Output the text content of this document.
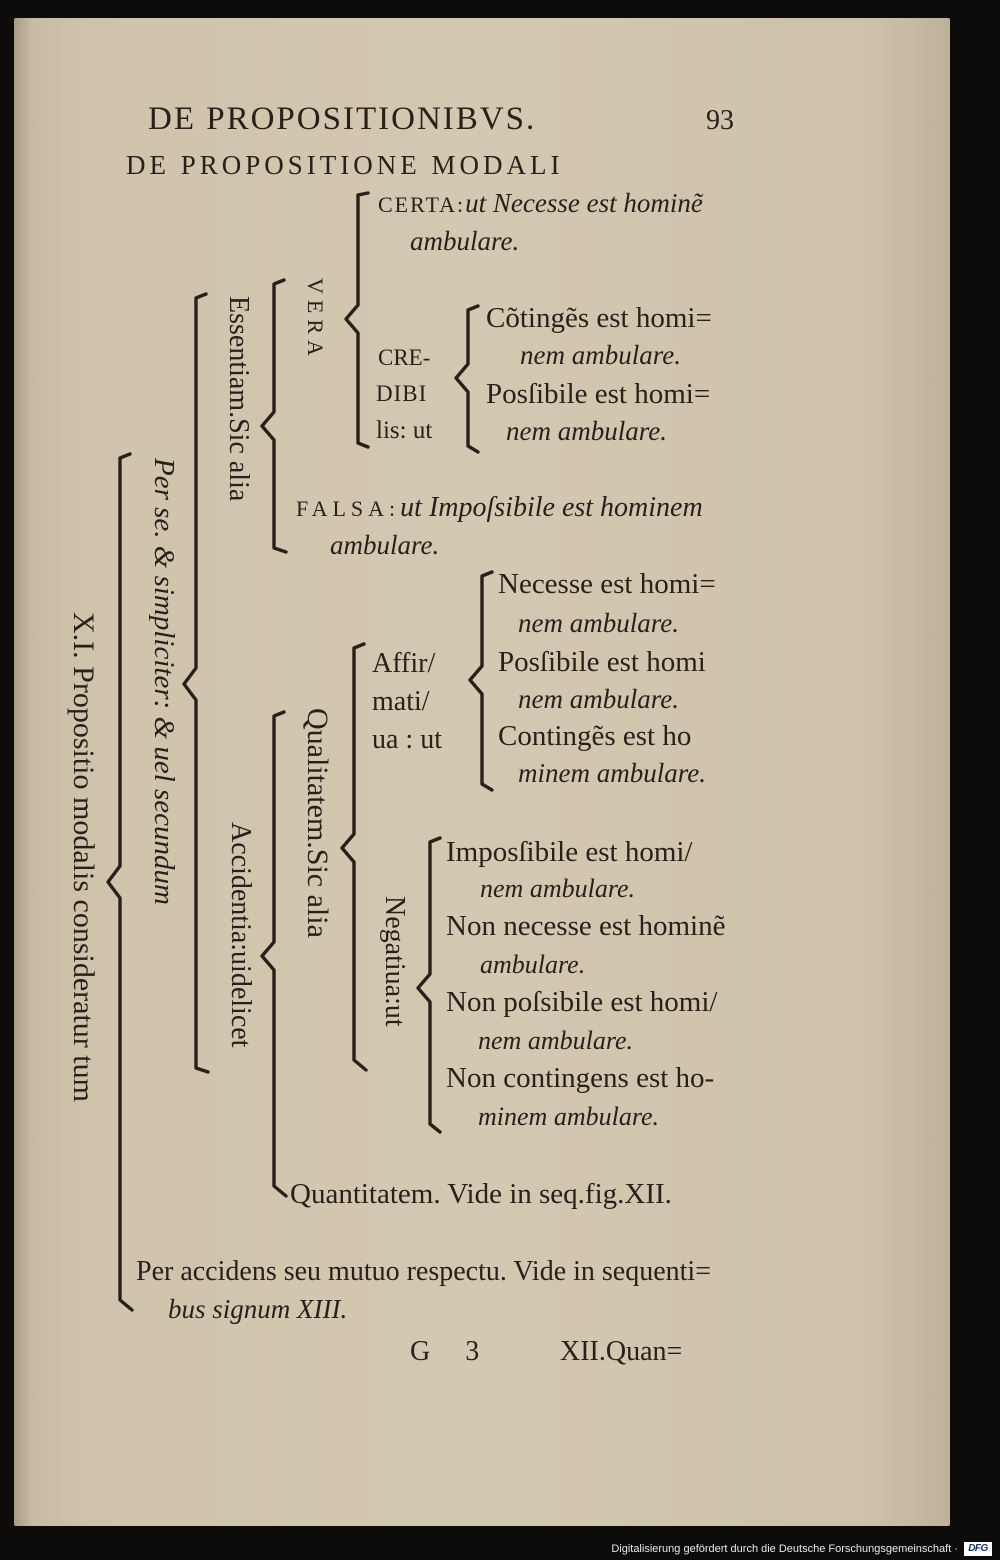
DE PROPOSITIONIBVS.	93
DE PROPOSITIONE MODALI
X.I. Propositio modalis consideratur tum Per se. & simpliciter: & uel secundum
Essentiam.Sic alia VERA
Accidentia:uidelicet Qualitatem.Sic alia
Negatiua:ut
CERTA:ut Necesse est hominẽ
ambulare.
CRE-
DIBI
lis: ut
Cõtingẽs est homi=
nem ambulare.
Posſibile est homi=
nem ambulare.
FALSA:ut Impoſsibile est hominem
ambulare.
Affir/
mati/
ua : ut
Necesse est homi=
nem ambulare.
Posſibile est homi
nem ambulare.
Contingẽs est ho
minem ambulare.
Imposſibile est homi/
nem ambulare.
Non necesse est hominẽ
ambulare.
Non poſsibile est homi/
nem ambulare.
Non contingens est ho-
minem ambulare.
Quantitatem. Vide in seq.fig.XII.
Per accidens seu mutuo respectu. Vide in sequenti=
bus signum XIII.
G 3	XII.Quan=
Digitalisierung gefördert durch die Deutsche Forschungsgemeinschaft ·	DFG
